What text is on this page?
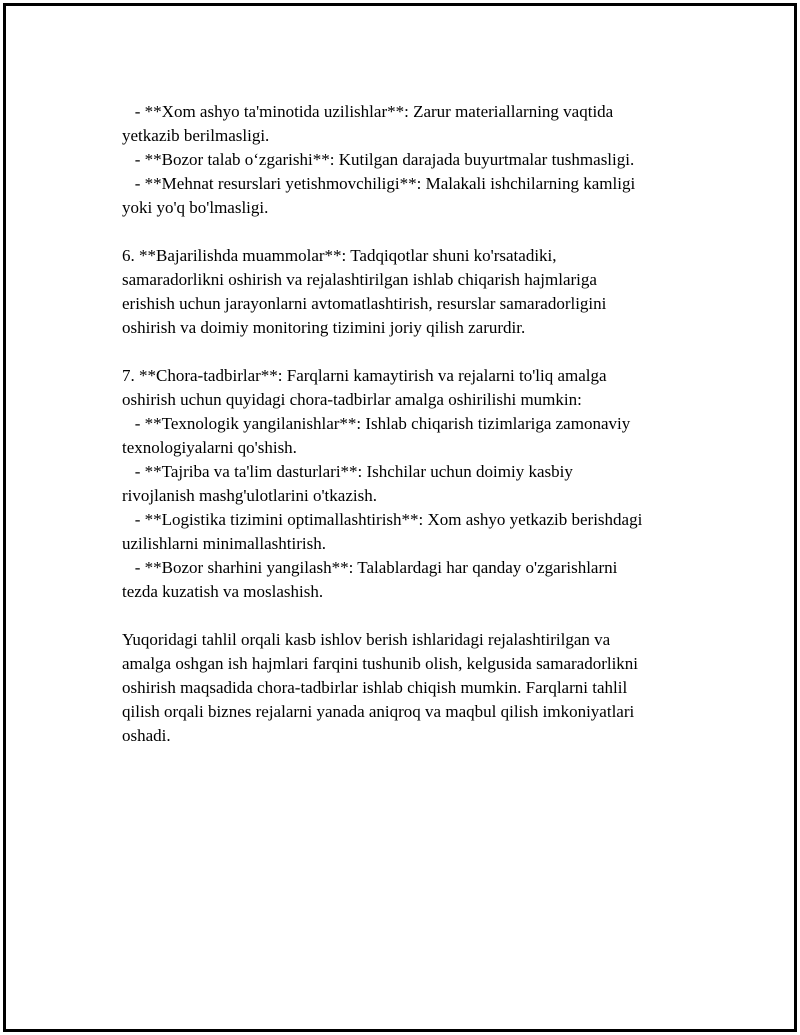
- **Xom ashyo ta'minotida uzilishlar**: Zarur materiallarning vaqtida
yetkazib berilmasligi.
- **Bozor talab o‘zgarishi**: Kutilgan darajada buyurtmalar tushmasligi.
- **Mehnat resurslari yetishmovchiligi**: Malakali ishchilarning kamligi
yoki yo'q bo'lmasligi.
6. **Bajarilishda muammolar**: Tadqiqotlar shuni ko'rsatadiki,
samaradorlikni oshirish va rejalashtirilgan ishlab chiqarish hajmlariga
erishish uchun jarayonlarni avtomatlashtirish, resurslar samaradorligini
oshirish va doimiy monitoring tizimini joriy qilish zarurdir.
7. **Chora-tadbirlar**: Farqlarni kamaytirish va rejalarni to'liq amalga
oshirish uchun quyidagi chora-tadbirlar amalga oshirilishi mumkin:
- **Texnologik yangilanishlar**: Ishlab chiqarish tizimlariga zamonaviy
texnologiyalarni qo'shish.
- **Tajriba va ta'lim dasturlari**: Ishchilar uchun doimiy kasbiy
rivojlanish mashg'ulotlarini o'tkazish.
- **Logistika tizimini optimallashtirish**: Xom ashyo yetkazib berishdagi
uzilishlarni minimallashtirish.
- **Bozor sharhini yangilash**: Talablardagi har qanday o'zgarishlarni
tezda kuzatish va moslashish.
Yuqoridagi tahlil orqali kasb ishlov berish ishlaridagi rejalashtirilgan va
amalga oshgan ish hajmlari farqini tushunib olish, kelgusida samaradorlikni
oshirish maqsadida chora-tadbirlar ishlab chiqish mumkin. Farqlarni tahlil
qilish orqali biznes rejalarni yanada aniqroq va maqbul qilish imkoniyatlari
oshadi.
